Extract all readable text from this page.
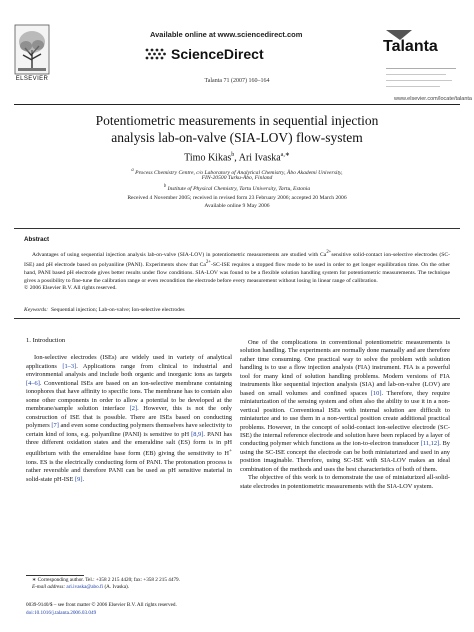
ELSEVIER
Available online at www.sciencedirect.com
ScienceDirect
Talanta 71 (2007) 160–164
Talanta
www.elsevier.com/locate/talanta
Potentiometric measurements in sequential injection
analysis lab-on-valve (SIA-LOV) flow-system
Timo Kikas$^b$, Ari Ivaska$^{a,∗}$
$^a$ Process Chemistry Centre, c/o Laboratory of Analytical Chemistry, Åbo Akademi University,
FIN-20500 Turku-Åbo, Finland
$^b$ Institute of Physical Chemistry, Tartu University, Tartu, Estonia
Received 4 November 2005; received in revised form 23 February 2006; accepted 20 March 2006
Available online 9 May 2006
Abstract

Advantages of using sequential injection analysis lab-on-valve (SIA-LOV) in potentiometric measurements are studied with $Ca^{2+}sensitive$ solid-contact ion-selective electrodes (SC-ISE) and pH electrode based on polyaniline (PANI). Experiments show that $Ca^{2+}-SC$-ISE requires a stopped flow mode to be used in order to get longer equilibration time. On the other hand, PANI based pH electrode gives better results under flow conditions. SIA-LOV was found to be a flexible solution handling system for potentiometric measurements. The technique gives a possibility to fine-tune the calibration range or even recondition the electrode before every measurement without losing in linear range of calibration.

© 2006 Elsevier B.V. All rights reserved.

Keywords: Sequential injection; Lab-on-valve; Ion-selective electrodes
1. Introduction

Ion-selective electrodes (ISEs) are widely used in variety of analytical applications [1–3]. Applications range from clinical to industrial and environmental analysis and include both organic and inorganic ions as targets [4–6]. Conventional ISEs are based on an ion-selective membrane containing ionophores that have affinity to specific ions. The membrane has to contain also some other components in order to allow a potential to be developed at the membrane/sample solution interface [2]. However, this is not the only construction of ISE that is possible. There are ISEs based on conducting polymers [7] and even some conducting polymers themselves have selectivity to certain kind of ions, e.g. polyaniline (PANI) is sensitive to pH [8,9]. PANI has three different oxidation states and the emeraldine salt (ES) form is in pH equilibrium with the emeraldine base form (EB) giving the sensitivity to H+ ions. ES is the electrically conducting form of PANI. The protonation process is rather reversible and therefore PANI can be used as pH sensitive material in solid-state pH-ISE [9].

One of the complications in conventional potentiometric measurements is solution handling. The experiments are normally done manually and are therefore rather time consuming. One practical way to solve the problem with solution handling is to use a flow injection analysis (FIA) instrument. FIA is a powerful tool for many kind of solution handling problems. Modern versions of FIA instruments like sequential injection analysis (SIA) and lab-on-valve (LOV) are based on small volumes and confined spaces [10]. Therefore, they require miniaturization of the sensing system and often also the ability to use it in a non-vertical position. Conventional ISEs with internal solution are difficult to miniaturize and to use them in a non-vertical position create additional practical problems. However, in the concept of solid-contact ion-selective electrode (SC-ISE) the internal reference electrode and solution have been replaced by a layer of conducting polymer which functions as the ion-to-electron transducer [11,12]. By using the SC-ISE concept the electrode can be both miniaturized and used in any position imaginable. Therefore, using SC-ISE with SIA-LOV makes an ideal combination of the methods and uses the best characteristics of both of them.

The objective of this work is to demonstrate the use of miniaturized all-solid-state electrodes in potentiometric measurements with the SIA-LOV system.

∗ Corresponding author. Tel.: +358 2 215 4420; fax: +358 2 215 4479.
E-mail address: ari.ivaska@abo.fi (A. Ivaska).
0039-9140/$ – see front matter © 2006 Elsevier B.V. All rights reserved.
doi:10.1016/j.talanta.2006.03.049
